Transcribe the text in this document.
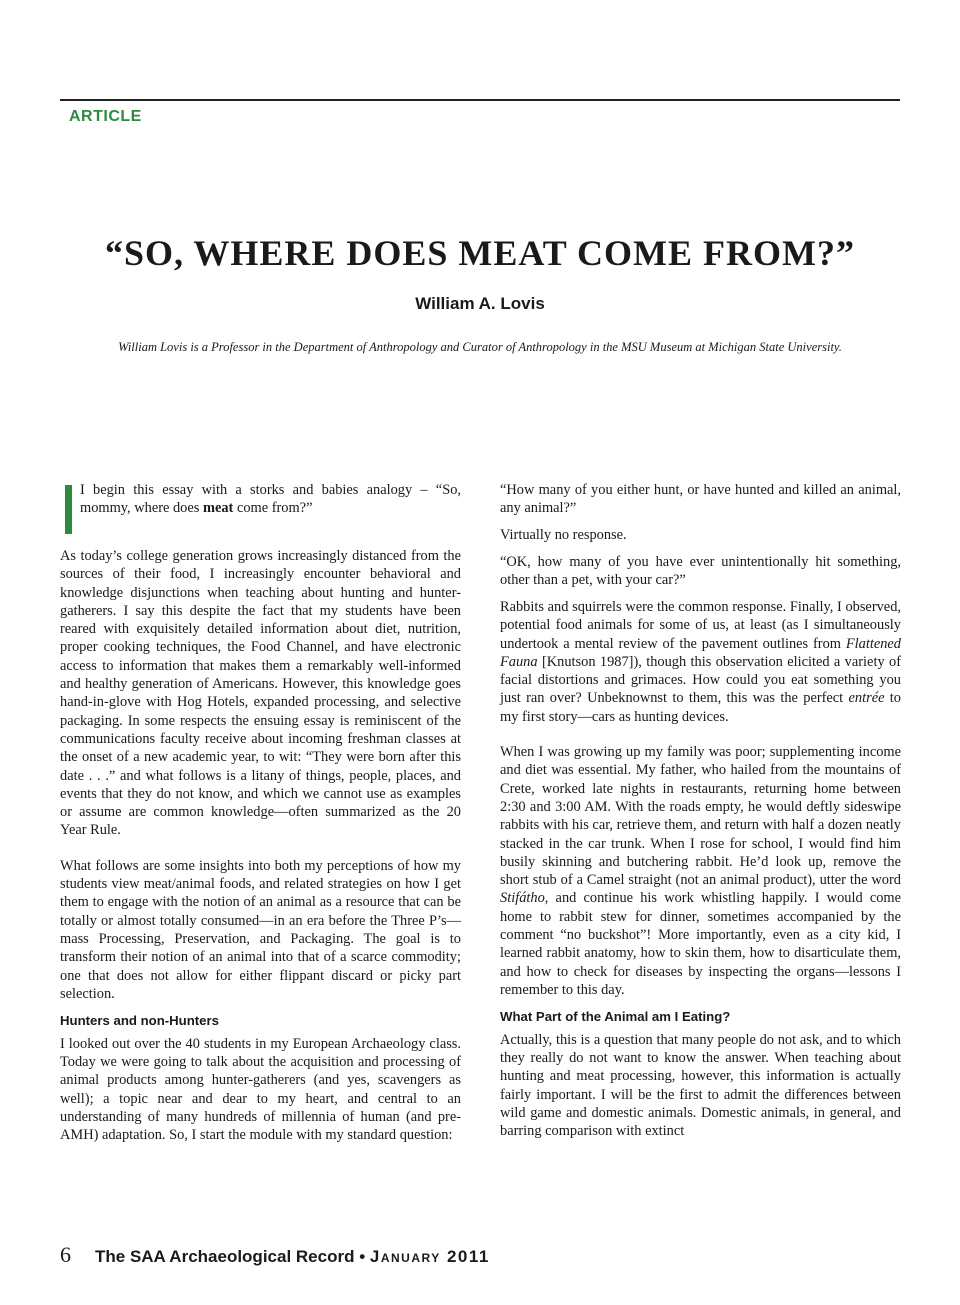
ARTICLE
“SO, WHERE DOES MEAT COME FROM?”
William A. Lovis
William Lovis is a Professor in the Department of Anthropology and Curator of Anthropology in the MSU Museum at Michigan State University.

I begin this essay with a storks and babies analogy – “So, mommy, where does meat come from?”

As today’s college generation grows increasingly distanced from the sources of their food, I increasingly encounter behavioral and knowledge disjunctions when teaching about hunting and hunter-gatherers. I say this despite the fact that my students have been reared with exquisitely detailed information about diet, nutrition, proper cooking techniques, the Food Channel, and have electronic access to information that makes them a remarkably well-informed and healthy generation of Americans. However, this knowledge goes hand-in-glove with Hog Hotels, expanded processing, and selective packaging. In some respects the ensuing essay is reminiscent of the communications faculty receive about incoming freshman classes at the onset of a new academic year, to wit: “They were born after this date . . .” and what follows is a litany of things, people, places, and events that they do not know, and which we cannot use as examples or assume are common knowledge—often summarized as the 20 Year Rule.

What follows are some insights into both my perceptions of how my students view meat/animal foods, and related strategies on how I get them to engage with the notion of an animal as a resource that can be totally or almost totally consumed—in an era before the Three P’s—mass Processing, Preservation, and Packaging. The goal is to transform their notion of an animal into that of a scarce commodity; one that does not allow for either flippant discard or picky part selection.

Hunters and non-Hunters

I looked out over the 40 students in my European Archaeology class. Today we were going to talk about the acquisition and processing of animal products among hunter-gatherers (and yes, scavengers as well); a topic near and dear to my heart, and central to an understanding of many hundreds of millennia of human (and pre-AMH) adaptation. So, I start the module with my standard question:

“How many of you either hunt, or have hunted and killed an animal, any animal?”

Virtually no response.

“OK, how many of you have ever unintentionally hit something, other than a pet, with your car?”

Rabbits and squirrels were the common response. Finally, I observed, potential food animals for some of us, at least (as I simultaneously undertook a mental review of the pavement outlines from Flattened Fauna [Knutson 1987]), though this observation elicited a variety of facial distortions and grimaces. How could you eat something you just ran over? Unbeknownst to them, this was the perfect entrée to my first story—cars as hunting devices.

When I was growing up my family was poor; supplementing income and diet was essential. My father, who hailed from the mountains of Crete, worked late nights in restaurants, returning home between 2:30 and 3:00 AM. With the roads empty, he would deftly sideswipe rabbits with his car, retrieve them, and return with half a dozen neatly stacked in the car trunk. When I rose for school, I would find him busily skinning and butchering rabbit. He’d look up, remove the short stub of a Camel straight (not an animal product), utter the word Stifátho, and continue his work whistling happily. I would come home to rabbit stew for dinner, sometimes accompanied by the comment “no buckshot”! More importantly, even as a city kid, I learned rabbit anatomy, how to skin them, how to disarticulate them, and how to check for diseases by inspecting the organs—lessons I remember to this day.

What Part of the Animal am I Eating?

Actually, this is a question that many people do not ask, and to which they really do not want to know the answer. When teaching about hunting and meat processing, however, this information is actually fairly important. I will be the first to admit the differences between wild game and domestic animals. Domestic animals, in general, and barring comparison with extinct

6 The SAA Archaeological Record • January 2011
